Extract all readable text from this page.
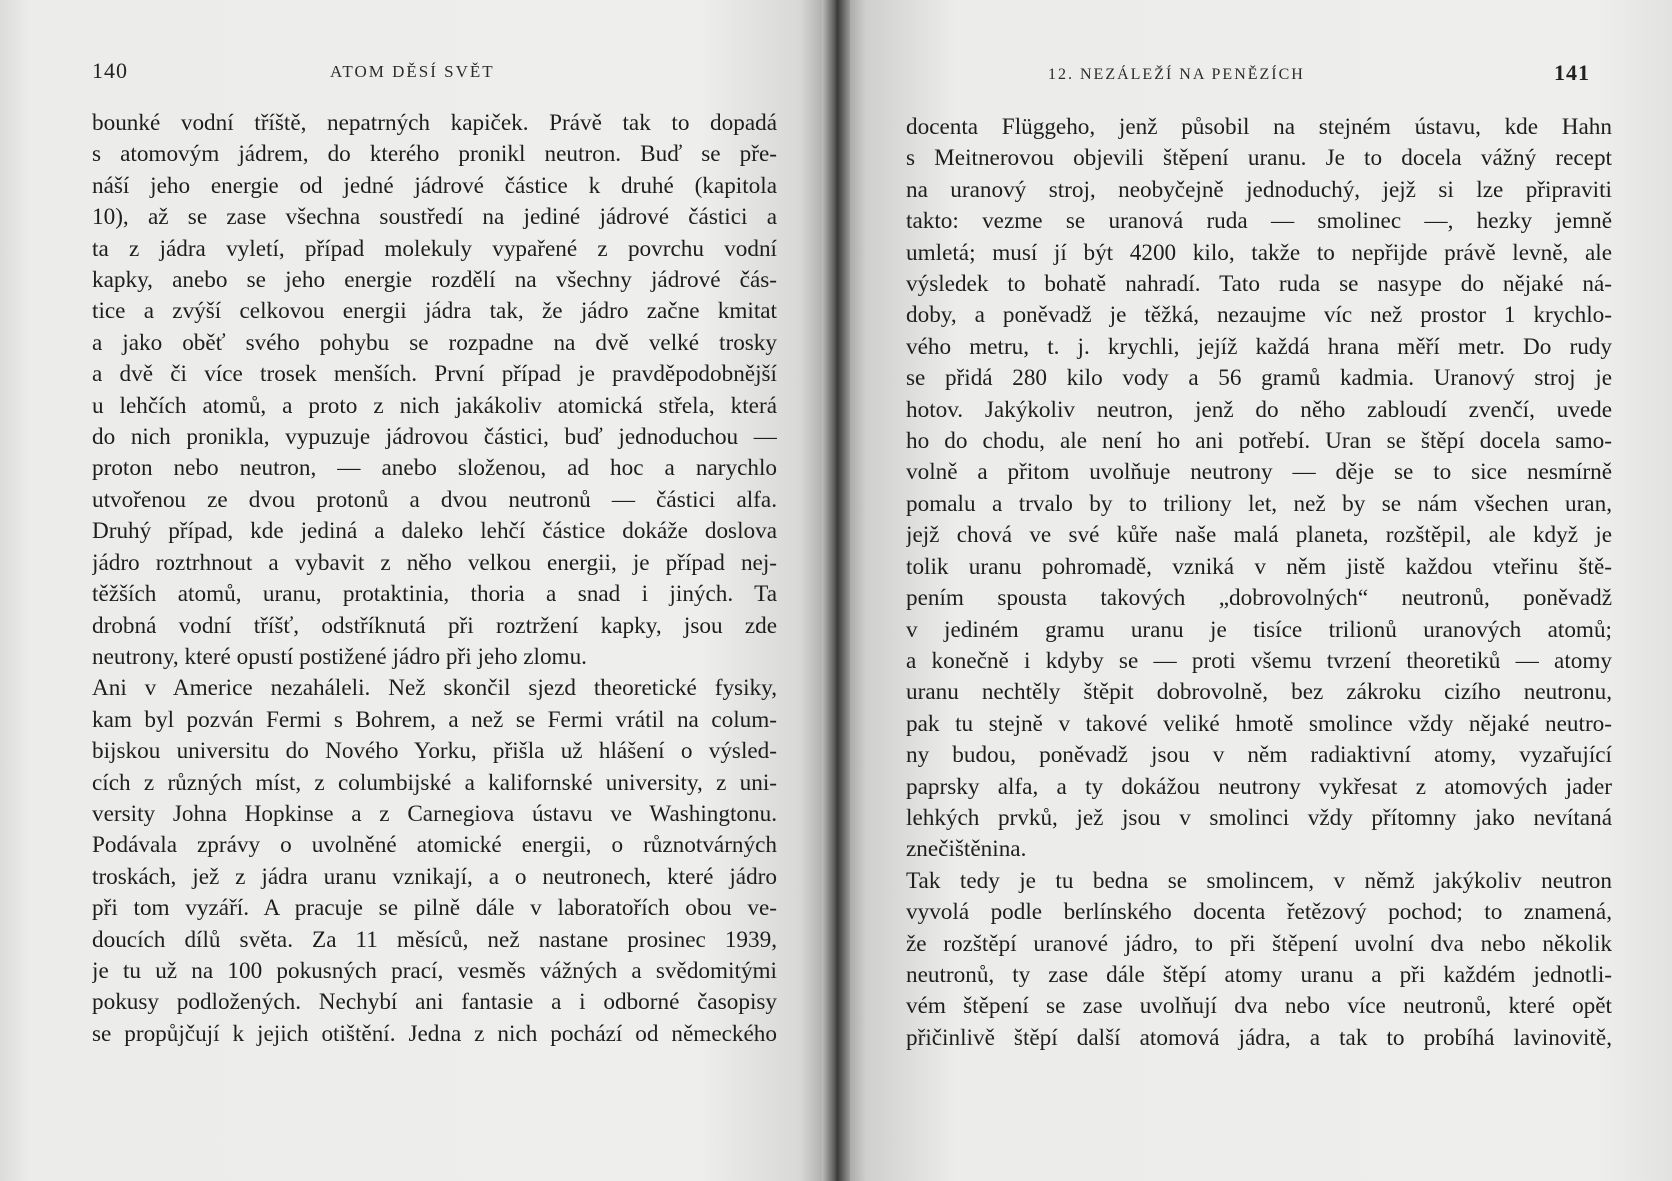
140	ATOM DĚSÍ SVĚT
bounké vodní tříště, nepatrných kapiček. Právě tak to dopadá
s atomovým jádrem, do kterého pronikl neutron. Buď se pře-
náší jeho energie od jedné jádrové částice k druhé (kapitola
10), až se zase všechna soustředí na jediné jádrové částici a
ta z jádra vyletí, případ molekuly vypařené z povrchu vodní
kapky, anebo se jeho energie rozdělí na všechny jádrové čás-
tice a zvýší celkovou energii jádra tak, že jádro začne kmitat
a jako oběť svého pohybu se rozpadne na dvě velké trosky
a dvě či více trosek menších. První případ je pravděpodobnější
u lehčích atomů, a proto z nich jakákoliv atomická střela, která
do nich pronikla, vypuzuje jádrovou částici, buď jednoduchou —
proton nebo neutron, — anebo složenou, ad hoc a narychlo
utvořenou ze dvou protonů a dvou neutronů — částici alfa.
Druhý případ, kde jediná a daleko lehčí částice dokáže doslova
jádro roztrhnout a vybavit z něho velkou energii, je případ nej-
těžších atomů, uranu, protaktinia, thoria a snad i jiných. Ta
drobná vodní tříšť, odstříknutá při roztržení kapky, jsou zde
neutrony, které opustí postižené jádro při jeho zlomu.
Ani v Americe nezaháleli. Než skončil sjezd theoretické fysiky,
kam byl pozván Fermi s Bohrem, a než se Fermi vrátil na colum-
bijskou universitu do Nového Yorku, přišla už hlášení o výsled-
cích z různých míst, z columbijské a kalifornské university, z uni-
versity Johna Hopkinse a z Carnegiova ústavu ve Washingtonu.
Podávala zprávy o uvolněné atomické energii, o různotvárných
troskách, jež z jádra uranu vznikají, a o neutronech, které jádro
při tom vyzáří. A pracuje se pilně dále v laboratořích obou ve-
doucích dílů světa. Za 11 měsíců, než nastane prosinec 1939,
je tu už na 100 pokusných prací, vesměs vážných a svědomitými
pokusy podložených. Nechybí ani fantasie a i odborné časopisy
se propůjčují k jejich otištění. Jedna z nich pochází od německého
12. NEZÁLEŽÍ NA PENĚZÍCH	141
docenta Flüggeho, jenž působil na stejném ústavu, kde Hahn
s Meitnerovou objevili štěpení uranu. Je to docela vážný recept
na uranový stroj, neobyčejně jednoduchý, jejž si lze připraviti
takto: vezme se uranová ruda — smolinec —, hezky jemně
umletá; musí jí být 4200 kilo, takže to nepřijde právě levně, ale
výsledek to bohatě nahradí. Tato ruda se nasype do nějaké ná-
doby, a poněvadž je těžká, nezaujme víc než prostor 1 krychlo-
vého metru, t. j. krychli, jejíž každá hrana měří metr. Do rudy
se přidá 280 kilo vody a 56 gramů kadmia. Uranový stroj je
hotov. Jakýkoliv neutron, jenž do něho zabloudí zvenčí, uvede
ho do chodu, ale není ho ani potřebí. Uran se štěpí docela samo-
volně a přitom uvolňuje neutrony — děje se to sice nesmírně
pomalu a trvalo by to triliony let, než by se nám všechen uran,
jejž chová ve své kůře naše malá planeta, rozštěpil, ale když je
tolik uranu pohromadě, vzniká v něm jistě každou vteřinu ště-
pením spousta takových „dobrovolných“ neutronů, poněvadž
v jediném gramu uranu je tisíce trilionů uranových atomů;
a konečně i kdyby se — proti všemu tvrzení theoretiků — atomy
uranu nechtěly štěpit dobrovolně, bez zákroku cizího neutronu,
pak tu stejně v takové veliké hmotě smolince vždy nějaké neutro-
ny budou, poněvadž jsou v něm radiaktivní atomy, vyzařující
paprsky alfa, a ty dokážou neutrony vykřesat z atomových jader
lehkých prvků, jež jsou v smolinci vždy přítomny jako nevítaná
znečištěnina.
Tak tedy je tu bedna se smolincem, v němž jakýkoliv neutron
vyvolá podle berlínského docenta řetězový pochod; to znamená,
že rozštěpí uranové jádro, to při štěpení uvolní dva nebo několik
neutronů, ty zase dále štěpí atomy uranu a při každém jednotli-
vém štěpení se zase uvolňují dva nebo více neutronů, které opět
přičinlivě štěpí další atomová jádra, a tak to probíhá lavinovitě,
